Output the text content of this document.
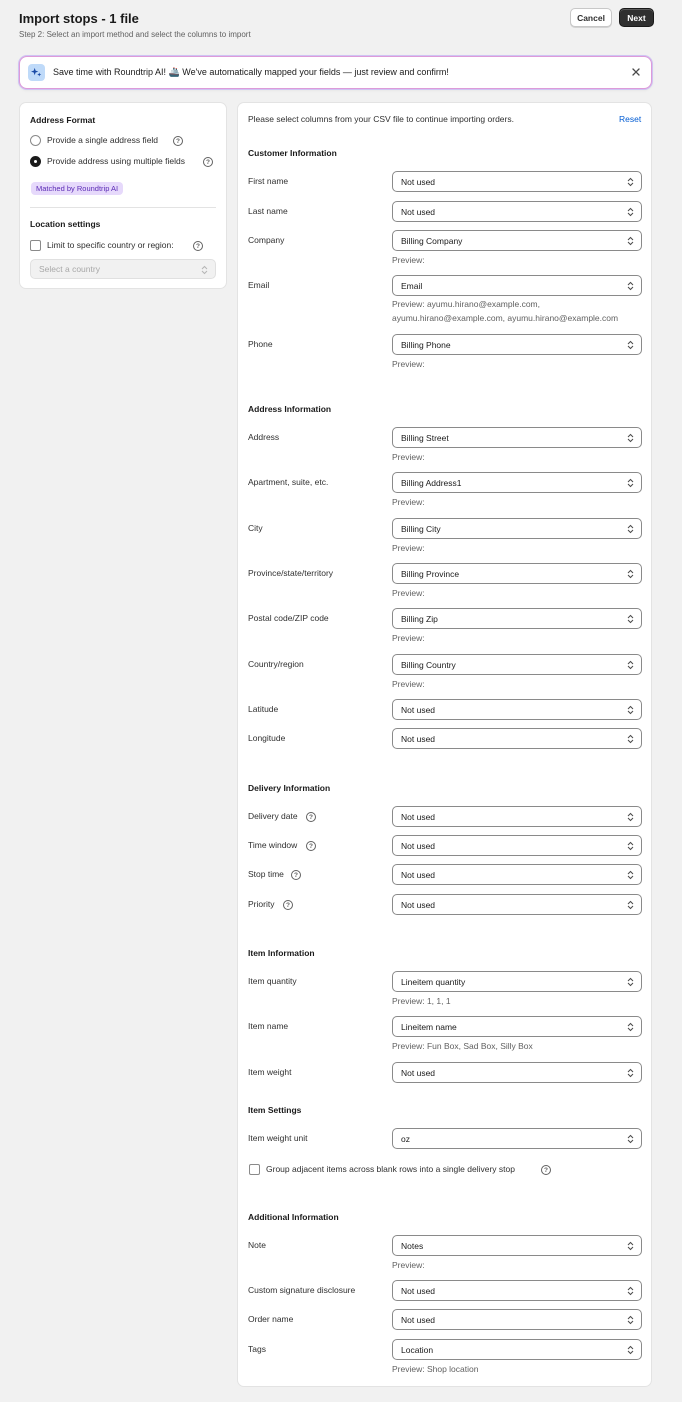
Import stops - 1 file
Step 2: Select an import method and select the columns to import
Cancel	Next
Save time with Roundtrip AI! 🚢 We've automatically mapped your fields — just review and confirm!
Address Format
Provide a single address field	?
Provide address using multiple fields	?
Matched by Roundtrip AI
Location settings
Limit to specific country or region:	?
Select a country
Please select columns from your CSV file to continue importing orders.	Reset
Customer Information
First name	Not used
Last name	Not used
Company	Billing Company
Preview:
Email	Email
Preview: ayumu.hirano@example.com, ayumu.hirano@example.com, ayumu.hirano@example.com
Phone	Billing Phone
Preview:
Address Information
Address	Billing Street
Preview:
Apartment, suite, etc.	Billing Address1
Preview:
City	Billing City
Preview:
Province/state/territory	Billing Province
Preview:
Postal code/ZIP code	Billing Zip
Preview:
Country/region	Billing Country
Preview:
Latitude	Not used
Longitude	Not used
Delivery Information
Delivery date	?	Not used
Time window	?	Not used
Stop time	?	Not used
Priority	?	Not used
Item Information
Item quantity	Lineitem quantity
Preview: 1, 1, 1
Item name	Lineitem name
Preview: Fun Box, Sad Box, Silly Box
Item weight	Not used
Item Settings
Item weight unit	oz
Group adjacent items across blank rows into a single delivery stop	?
Additional Information
Note	Notes
Preview:
Custom signature disclosure	Not used
Order name	Not used
Tags	Location
Preview: Shop location
